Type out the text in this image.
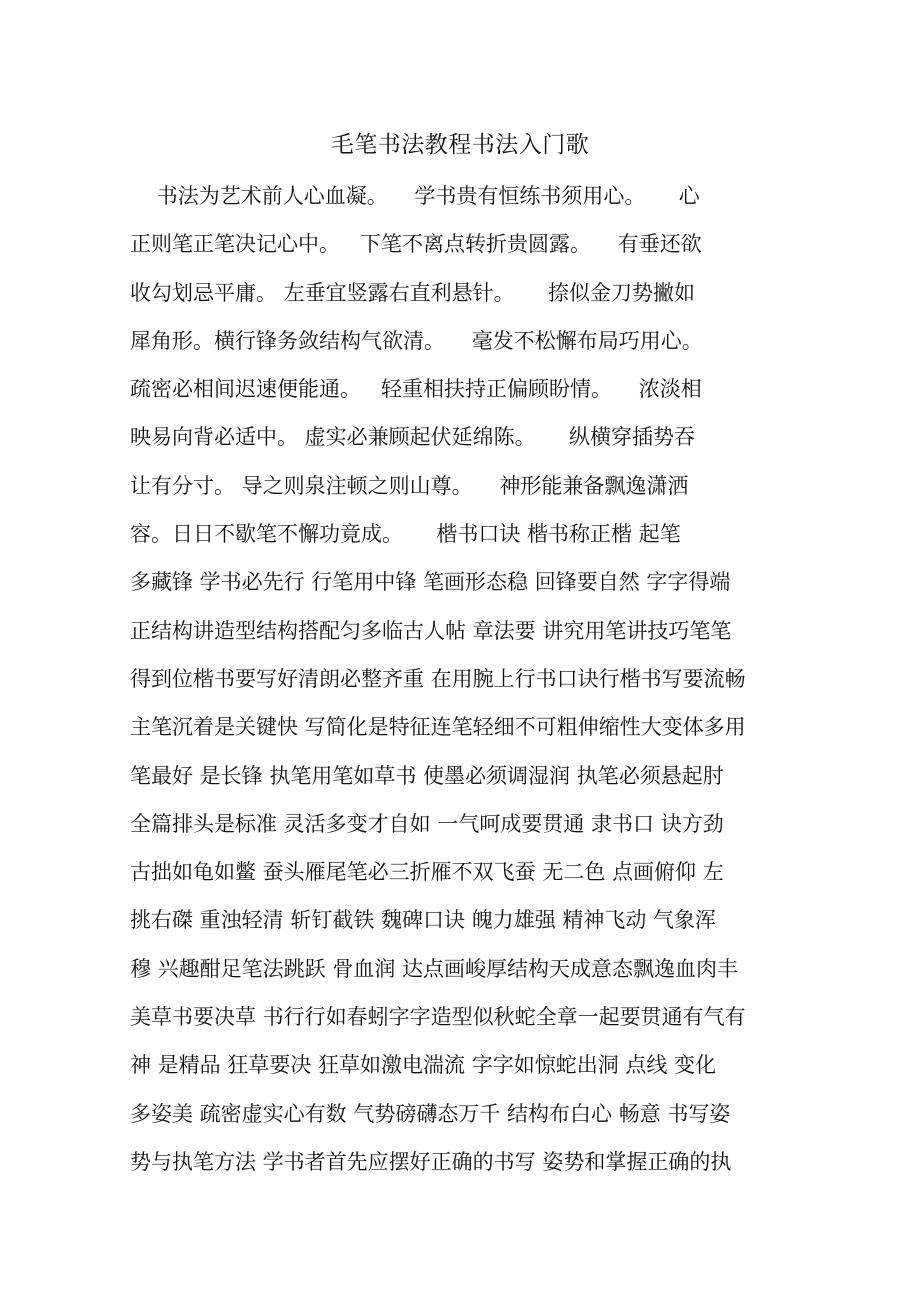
毛笔书法教程书法入门歌
书法为艺术前人心血凝。    学书贵有恒练书须用心。     心
正则笔正笔决记心中。   下笔不离点转折贵圆露。    有垂还欲
收勾划忌平庸。 左垂宜竖露右直利悬针。     捺似金刀势撇如
犀角形。横行锋务敛结构气欲清。    毫发不松懈布局巧用心。
疏密必相间迟速便能通。   轻重相扶持正偏顾盼情。    浓淡相
映易向背必适中。 虚实必兼顾起伏延绵陈。     纵横穿插势吞
让有分寸。 导之则泉注顿之则山尊。    神形能兼备飘逸潇洒
容。日日不歇笔不懈功竟成。     楷书口诀 楷书称正楷 起笔
多藏锋 学书必先行 行笔用中锋 笔画形态稳 回锋要自然 字字得端
正结构讲造型结构搭配匀多临古人帖 章法要 讲究用笔讲技巧笔笔
得到位楷书要写好清朗必整齐重 在用腕上行书口诀行楷书写要流畅
主笔沉着是关键快 写简化是特征连笔轻细不可粗伸缩性大变体多用
笔最好 是长锋 执笔用笔如草书 使墨必须调湿润 执笔必须悬起肘
全篇排头是标准 灵活多变才自如 一气呵成要贯通 隶书口 诀方劲
古拙如龟如鳖 蚕头雁尾笔必三折雁不双飞蚕 无二色 点画俯仰 左
挑右磔 重浊轻清 斩钉截铁 魏碑口诀 魄力雄强 精神飞动 气象浑
穆 兴趣酣足笔法跳跃 骨血润 达点画峻厚结构天成意态飘逸血肉丰
美草书要决草 书行行如春蚓字字造型似秋蛇全章一起要贯通有气有
神 是精品 狂草要决 狂草如激电湍流 字字如惊蛇出洞 点线 变化
多姿美 疏密虚实心有数 气势磅礴态万千 结构布白心 畅意 书写姿
势与执笔方法 学书者首先应摆好正确的书写 姿势和掌握正确的执
